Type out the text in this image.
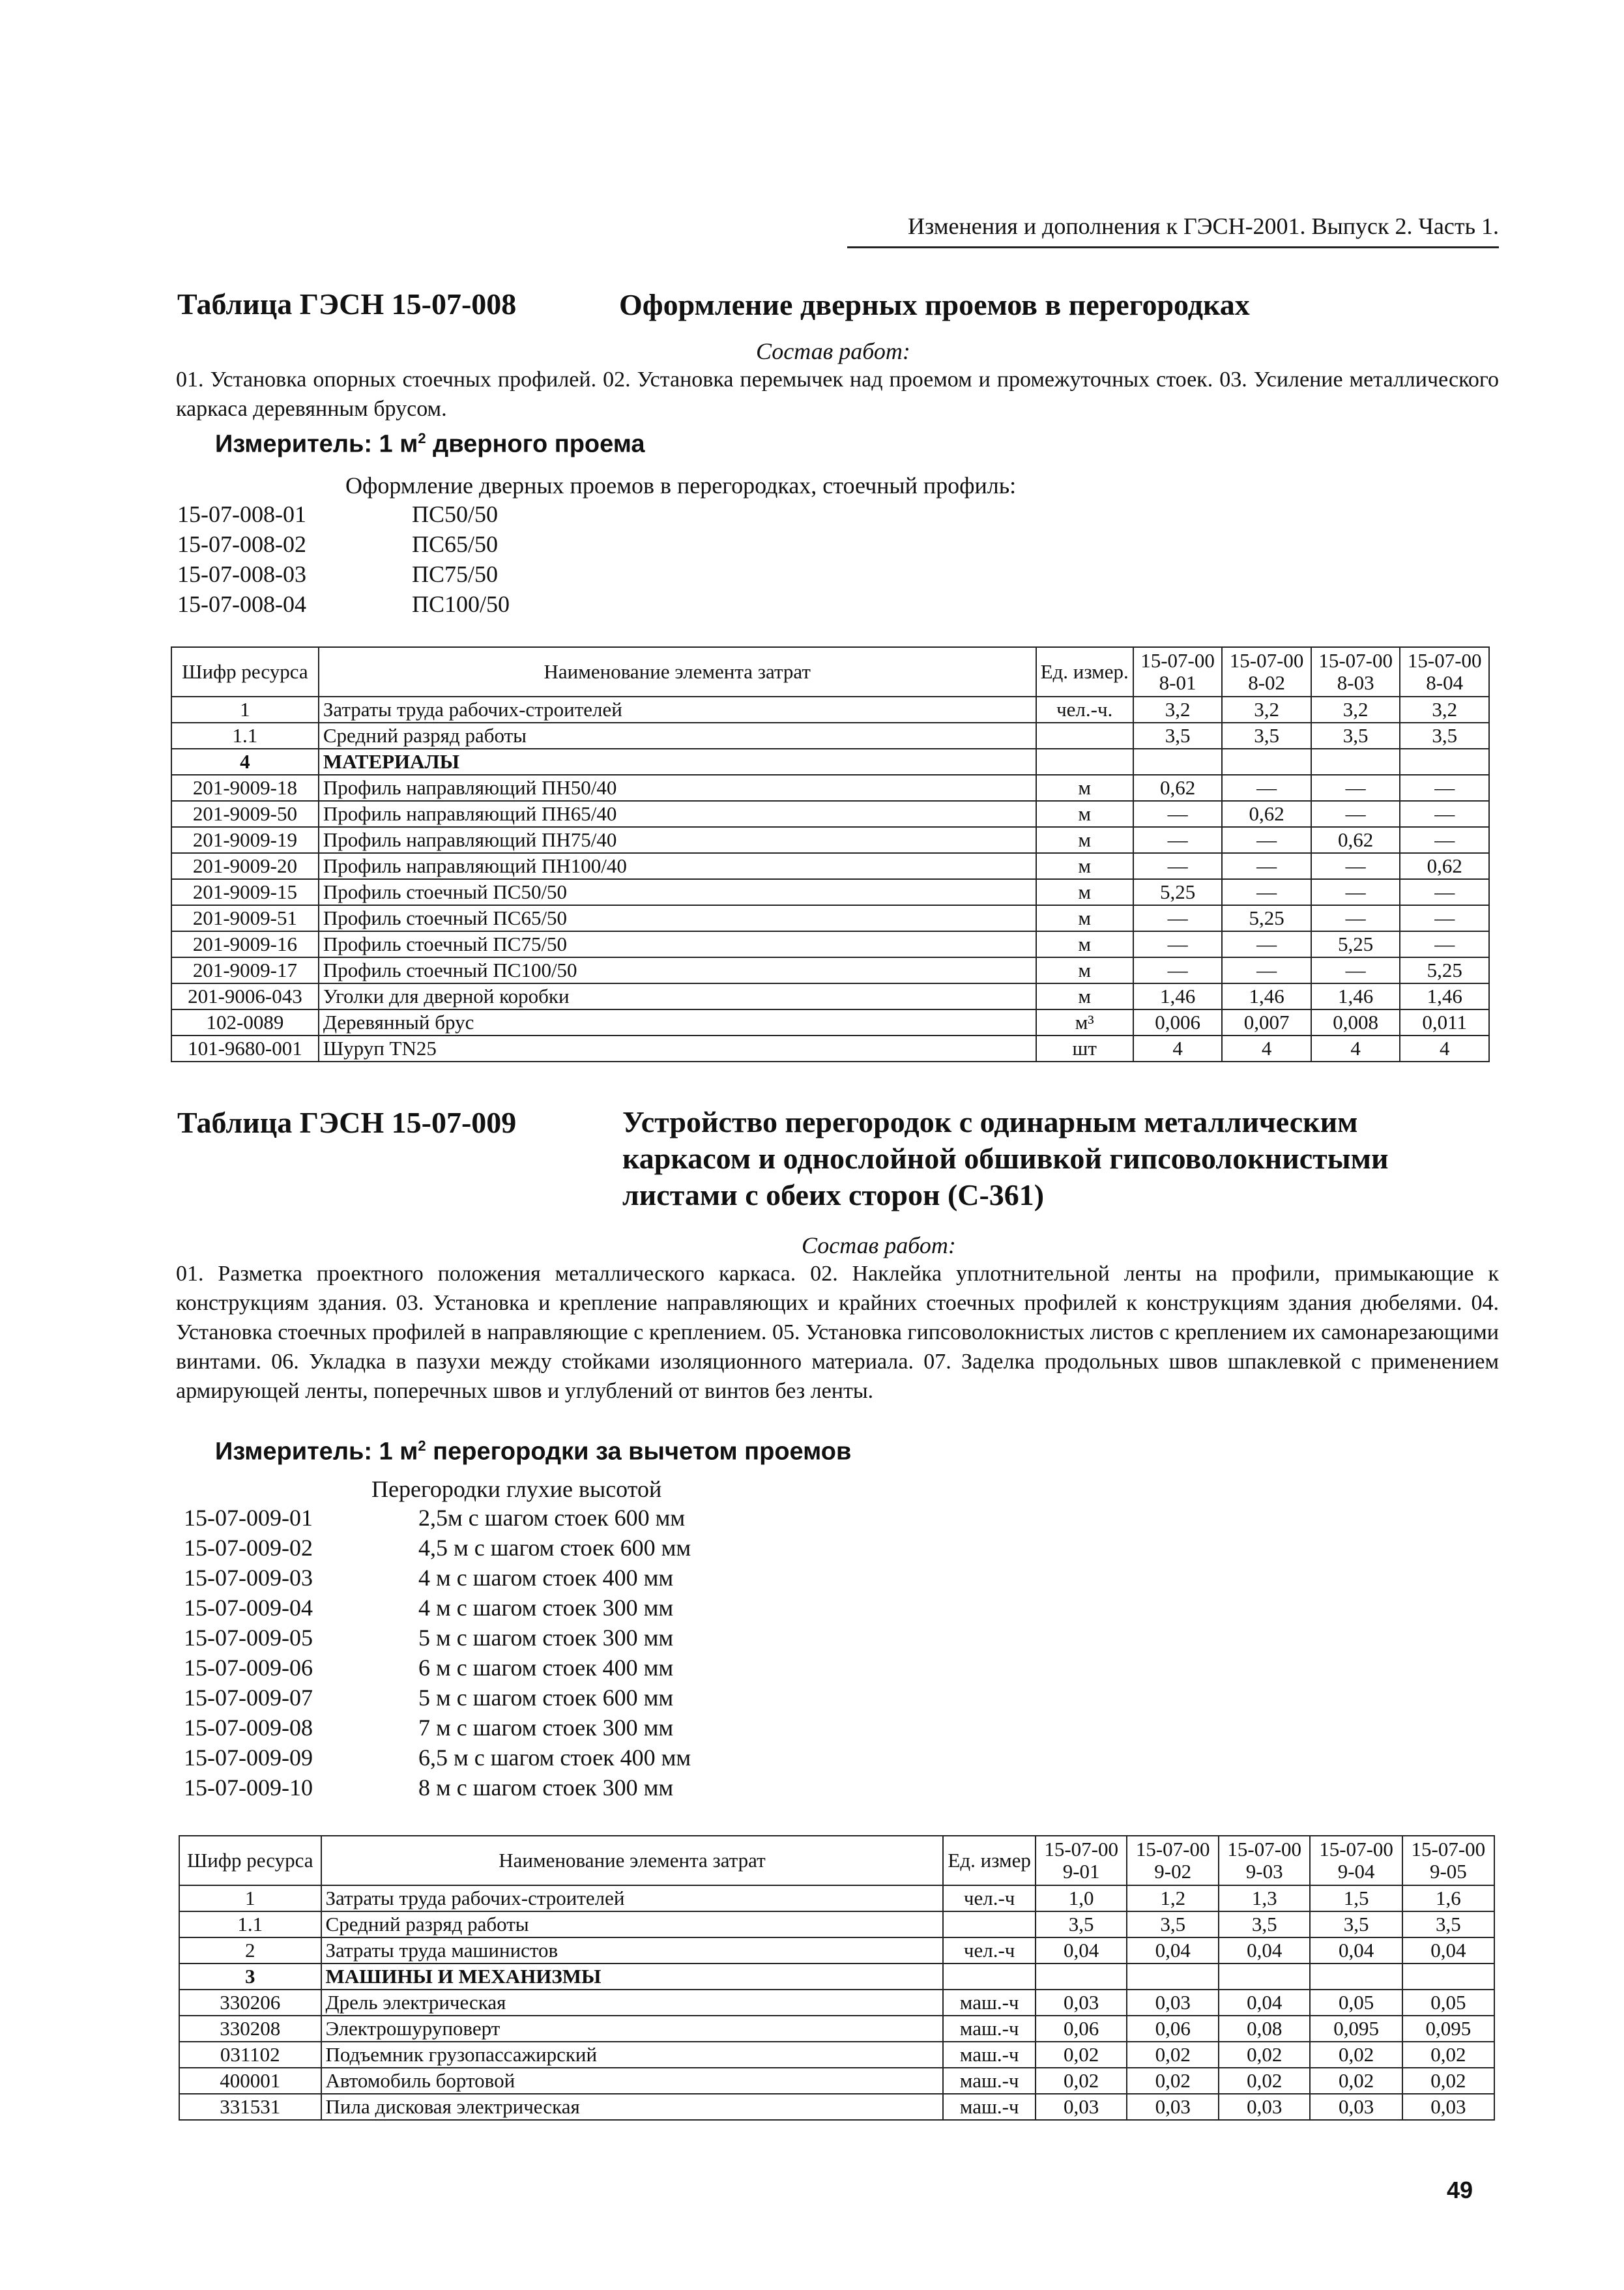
Изменения и дополнения к ГЭСН-2001. Выпуск 2. Часть 1.
Таблица ГЭСН 15-07-008	Оформление дверных проемов в перегородках
Состав работ:
01. Установка опорных стоечных профилей. 02. Установка перемычек над проемом и промежуточных стоек. 03. Усиление металлического каркаса деревянным брусом.
Измеритель: 1 $м^2$ дверного проема
Оформление дверных проемов в перегородках, стоечный профиль:
15-07-008-01	ПС50/50
15-07-008-02	ПС65/50
15-07-008-03	ПС75/50
15-07-008-04	ПС100/50
Шифр ресурса	Наименование элемента затрат	Ед. измер.	15-07-008-01	15-07-008-02	15-07-008-03	15-07-008-04
1	Затраты труда рабочих-строителей	чел.-ч.	3,2	3,2	3,2	3,2
1.1	Средний разряд работы		3,5	3,5	3,5	3,5
4	МАТЕРИАЛЫ					
201-9009-18	Профиль направляющий ПН50/40	м	0,62	—	—	—
201-9009-50	Профиль направляющий ПН65/40	м	—	0,62	—	—
201-9009-19	Профиль направляющий ПН75/40	м	—	—	0,62	—
201-9009-20	Профиль направляющий ПН100/40	м	—	—	—	0,62
201-9009-15	Профиль стоечный ПС50/50	м	5,25	—	—	—
201-9009-51	Профиль стоечный ПС65/50	м	—	5,25	—	—
201-9009-16	Профиль стоечный ПС75/50	м	—	—	5,25	—
201-9009-17	Профиль стоечный ПС100/50	м	—	—	—	5,25
201-9006-043	Уголки для дверной коробки	м	1,46	1,46	1,46	1,46
102-0089	Деревянный брус	м³	0,006	0,007	0,008	0,011
101-9680-001	Шуруп TN25	шт	4	4	4	4
Таблица ГЭСН 15-07-009	Устройство перегородок с одинарным металлическим
каркасом и однослойной обшивкой гипсоволокнистыми
листами с обеих сторон (С-361)
Состав работ:
01. Разметка проектного положения металлического каркаса. 02. Наклейка уплотнительной ленты на профили, примыкающие к конструкциям здания. 03. Установка и крепление направляющих и крайних стоечных профилей к конструкциям здания дюбелями. 04. Установка стоечных профилей в направляющие с креплением. 05. Установка гипсоволокнистых листов с креплением их самонарезающими винтами. 06. Укладка в пазухи между стойками изоляционного материала. 07. Заделка продольных швов шпаклевкой с применением армирующей ленты, поперечных швов и углублений от винтов без ленты.
Измеритель: 1 $м^2$ перегородки за вычетом проемов
Перегородки глухие высотой
15-07-009-01	2,5м с шагом стоек 600 мм
15-07-009-02	4,5 м с шагом стоек 600 мм
15-07-009-03	4 м с шагом стоек 400 мм
15-07-009-04	4 м с шагом стоек 300 мм
15-07-009-05	5 м с шагом стоек 300 мм
15-07-009-06	6 м с шагом стоек 400 мм
15-07-009-07	5 м с шагом стоек 600 мм
15-07-009-08	7 м с шагом стоек 300 мм
15-07-009-09	6,5 м с шагом стоек 400 мм
15-07-009-10	8 м с шагом стоек 300 мм
Шифр ресурса	Наименование элемента затрат	Ед. измер	15-07-009-01	15-07-009-02	15-07-009-03	15-07-009-04	15-07-009-05
1	Затраты труда рабочих-строителей	чел.-ч	1,0	1,2	1,3	1,5	1,6
1.1	Средний разряд работы		3,5	3,5	3,5	3,5	3,5
2	Затраты труда машинистов	чел.-ч	0,04	0,04	0,04	0,04	0,04
3	МАШИНЫ И МЕХАНИЗМЫ						
330206	Дрель электрическая	маш.-ч	0,03	0,03	0,04	0,05	0,05
330208	Электрошуруповерт	маш.-ч	0,06	0,06	0,08	0,095	0,095
031102	Подъемник грузопассажирский	маш.-ч	0,02	0,02	0,02	0,02	0,02
400001	Автомобиль бортовой	маш.-ч	0,02	0,02	0,02	0,02	0,02
331531	Пила дисковая электрическая	маш.-ч	0,03	0,03	0,03	0,03	0,03
49
